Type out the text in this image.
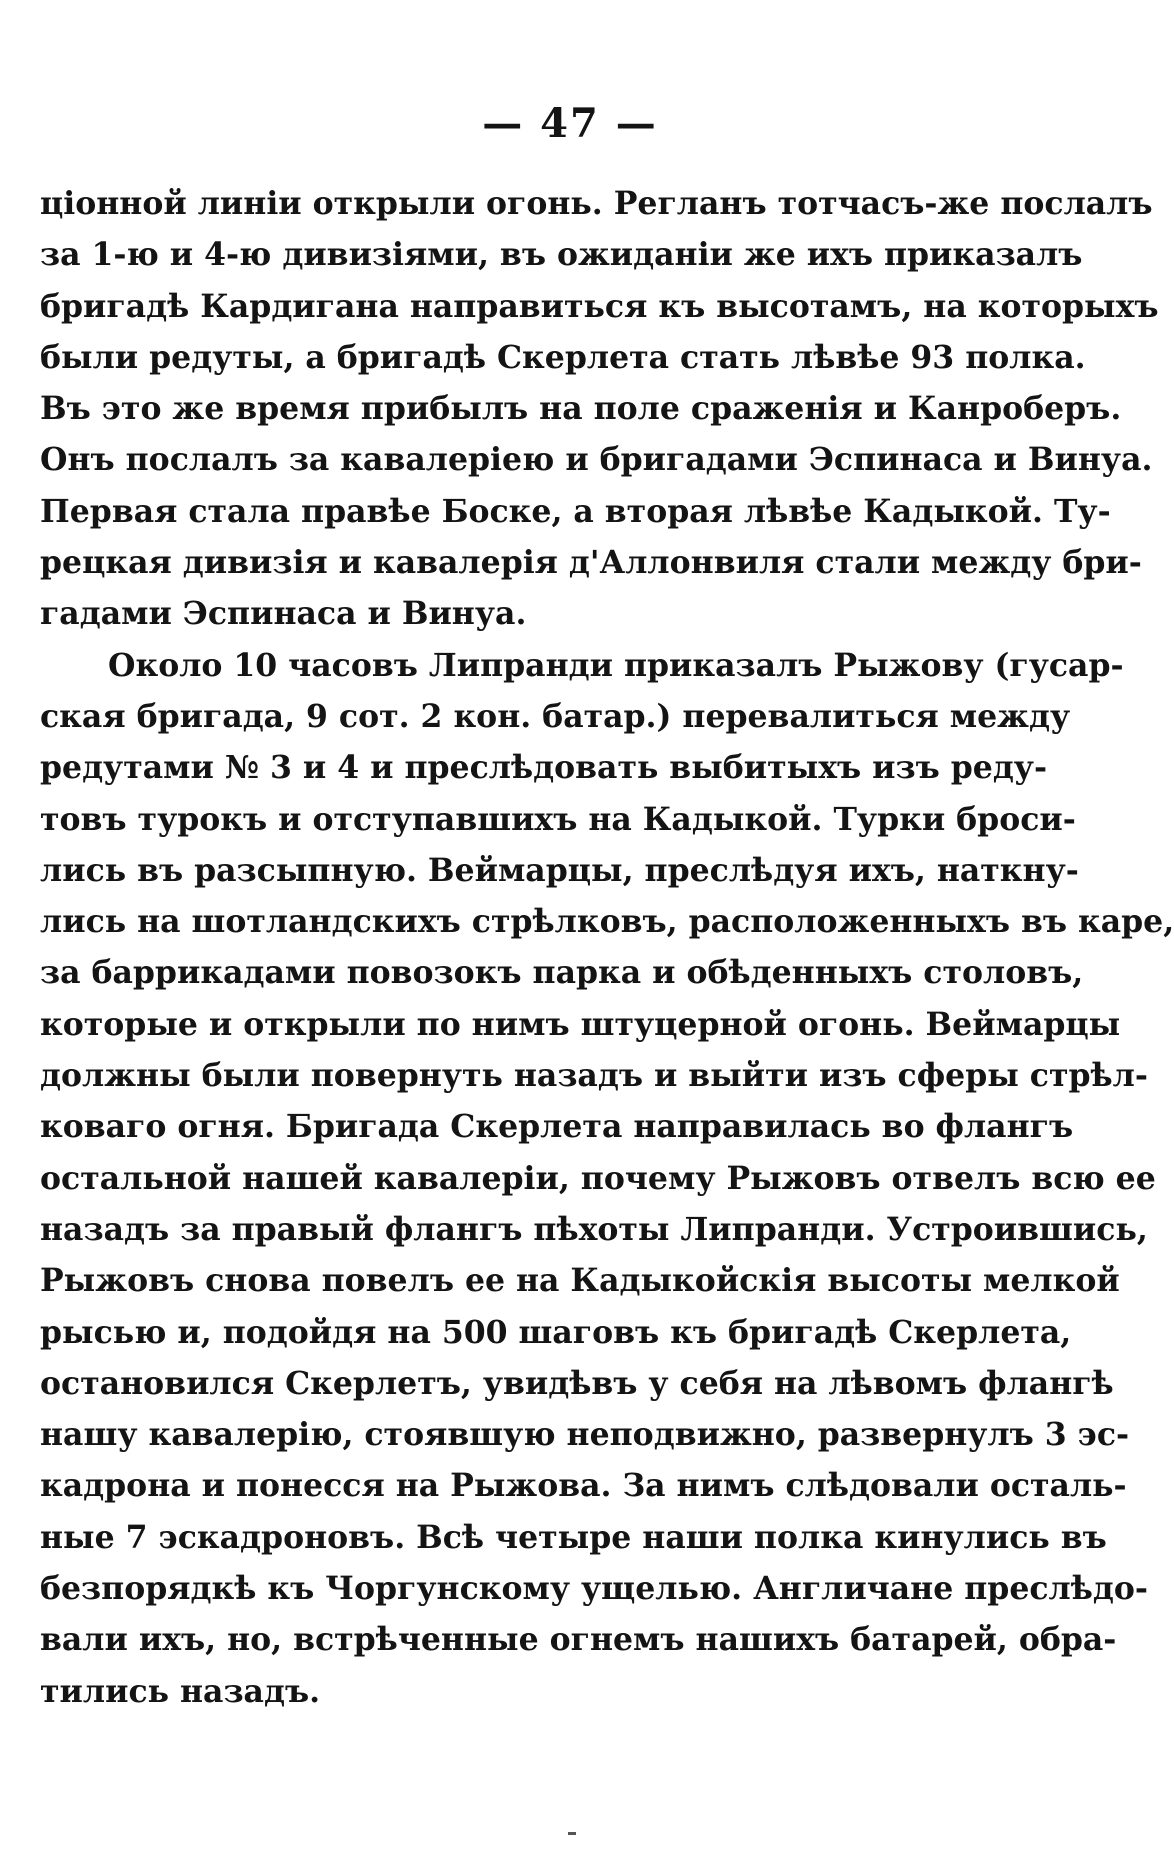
— 47 —
ціонной линіи открыли огонь. Регланъ тотчасъ-же послалъ
за 1-ю и 4-ю дивизіями, въ ожиданіи же ихъ приказалъ
бригадѣ Кардигана направиться къ высотамъ, на которыхъ
были редуты, а бригадѣ Скерлета стать лѣвѣе 93 полка.
Въ это же время прибылъ на поле сраженія и Канроберъ.
Онъ послалъ за кавалеріею и бригадами Эспинаса и Винуа.
Первая стала правѣе Боске, а вторая лѣвѣе Кадыкой. Ту-
рецкая дивизія и кавалерія д'Аллонвиля стали между бри-
гадами Эспинаса и Винуа.
Около 10 часовъ Липранди приказалъ Рыжову (гусар-
ская бригада, 9 сот. 2 кон. батар.) перевалиться между
редутами № 3 и 4 и преслѣдовать выбитыхъ изъ реду-
товъ турокъ и отступавшихъ на Кадыкой. Турки броси-
лись въ разсыпную. Веймарцы, преслѣдуя ихъ, наткну-
лись на шотландскихъ стрѣлковъ, расположенныхъ въ каре,
за баррикадами повозокъ парка и обѣденныхъ столовъ,
которые и открыли по нимъ штуцерной огонь. Веймарцы
должны были повернуть назадъ и выйти изъ сферы стрѣл-
коваго огня. Бригада Скерлета направилась во флангъ
остальной нашей кавалеріи, почему Рыжовъ отвелъ всю ее
назадъ за правый флангъ пѣхоты Липранди. Устроившись,
Рыжовъ снова повелъ ее на Кадыкойскія высоты мелкой
рысью и, подойдя на 500 шаговъ къ бригадѣ Скерлета,
остановился Скерлетъ, увидѣвъ у себя на лѣвомъ флангѣ
нашу кавалерію, стоявшую неподвижно, развернулъ 3 эс-
кадрона и понесся на Рыжова. За нимъ слѣдовали осталь-
ные 7 эскадроновъ. Всѣ четыре наши полка кинулись въ
безпорядкѣ къ Чоргунскому ущелью. Англичане преслѣдо-
вали ихъ, но, встрѣченные огнемъ нашихъ батарей, обра-
тились назадъ.
